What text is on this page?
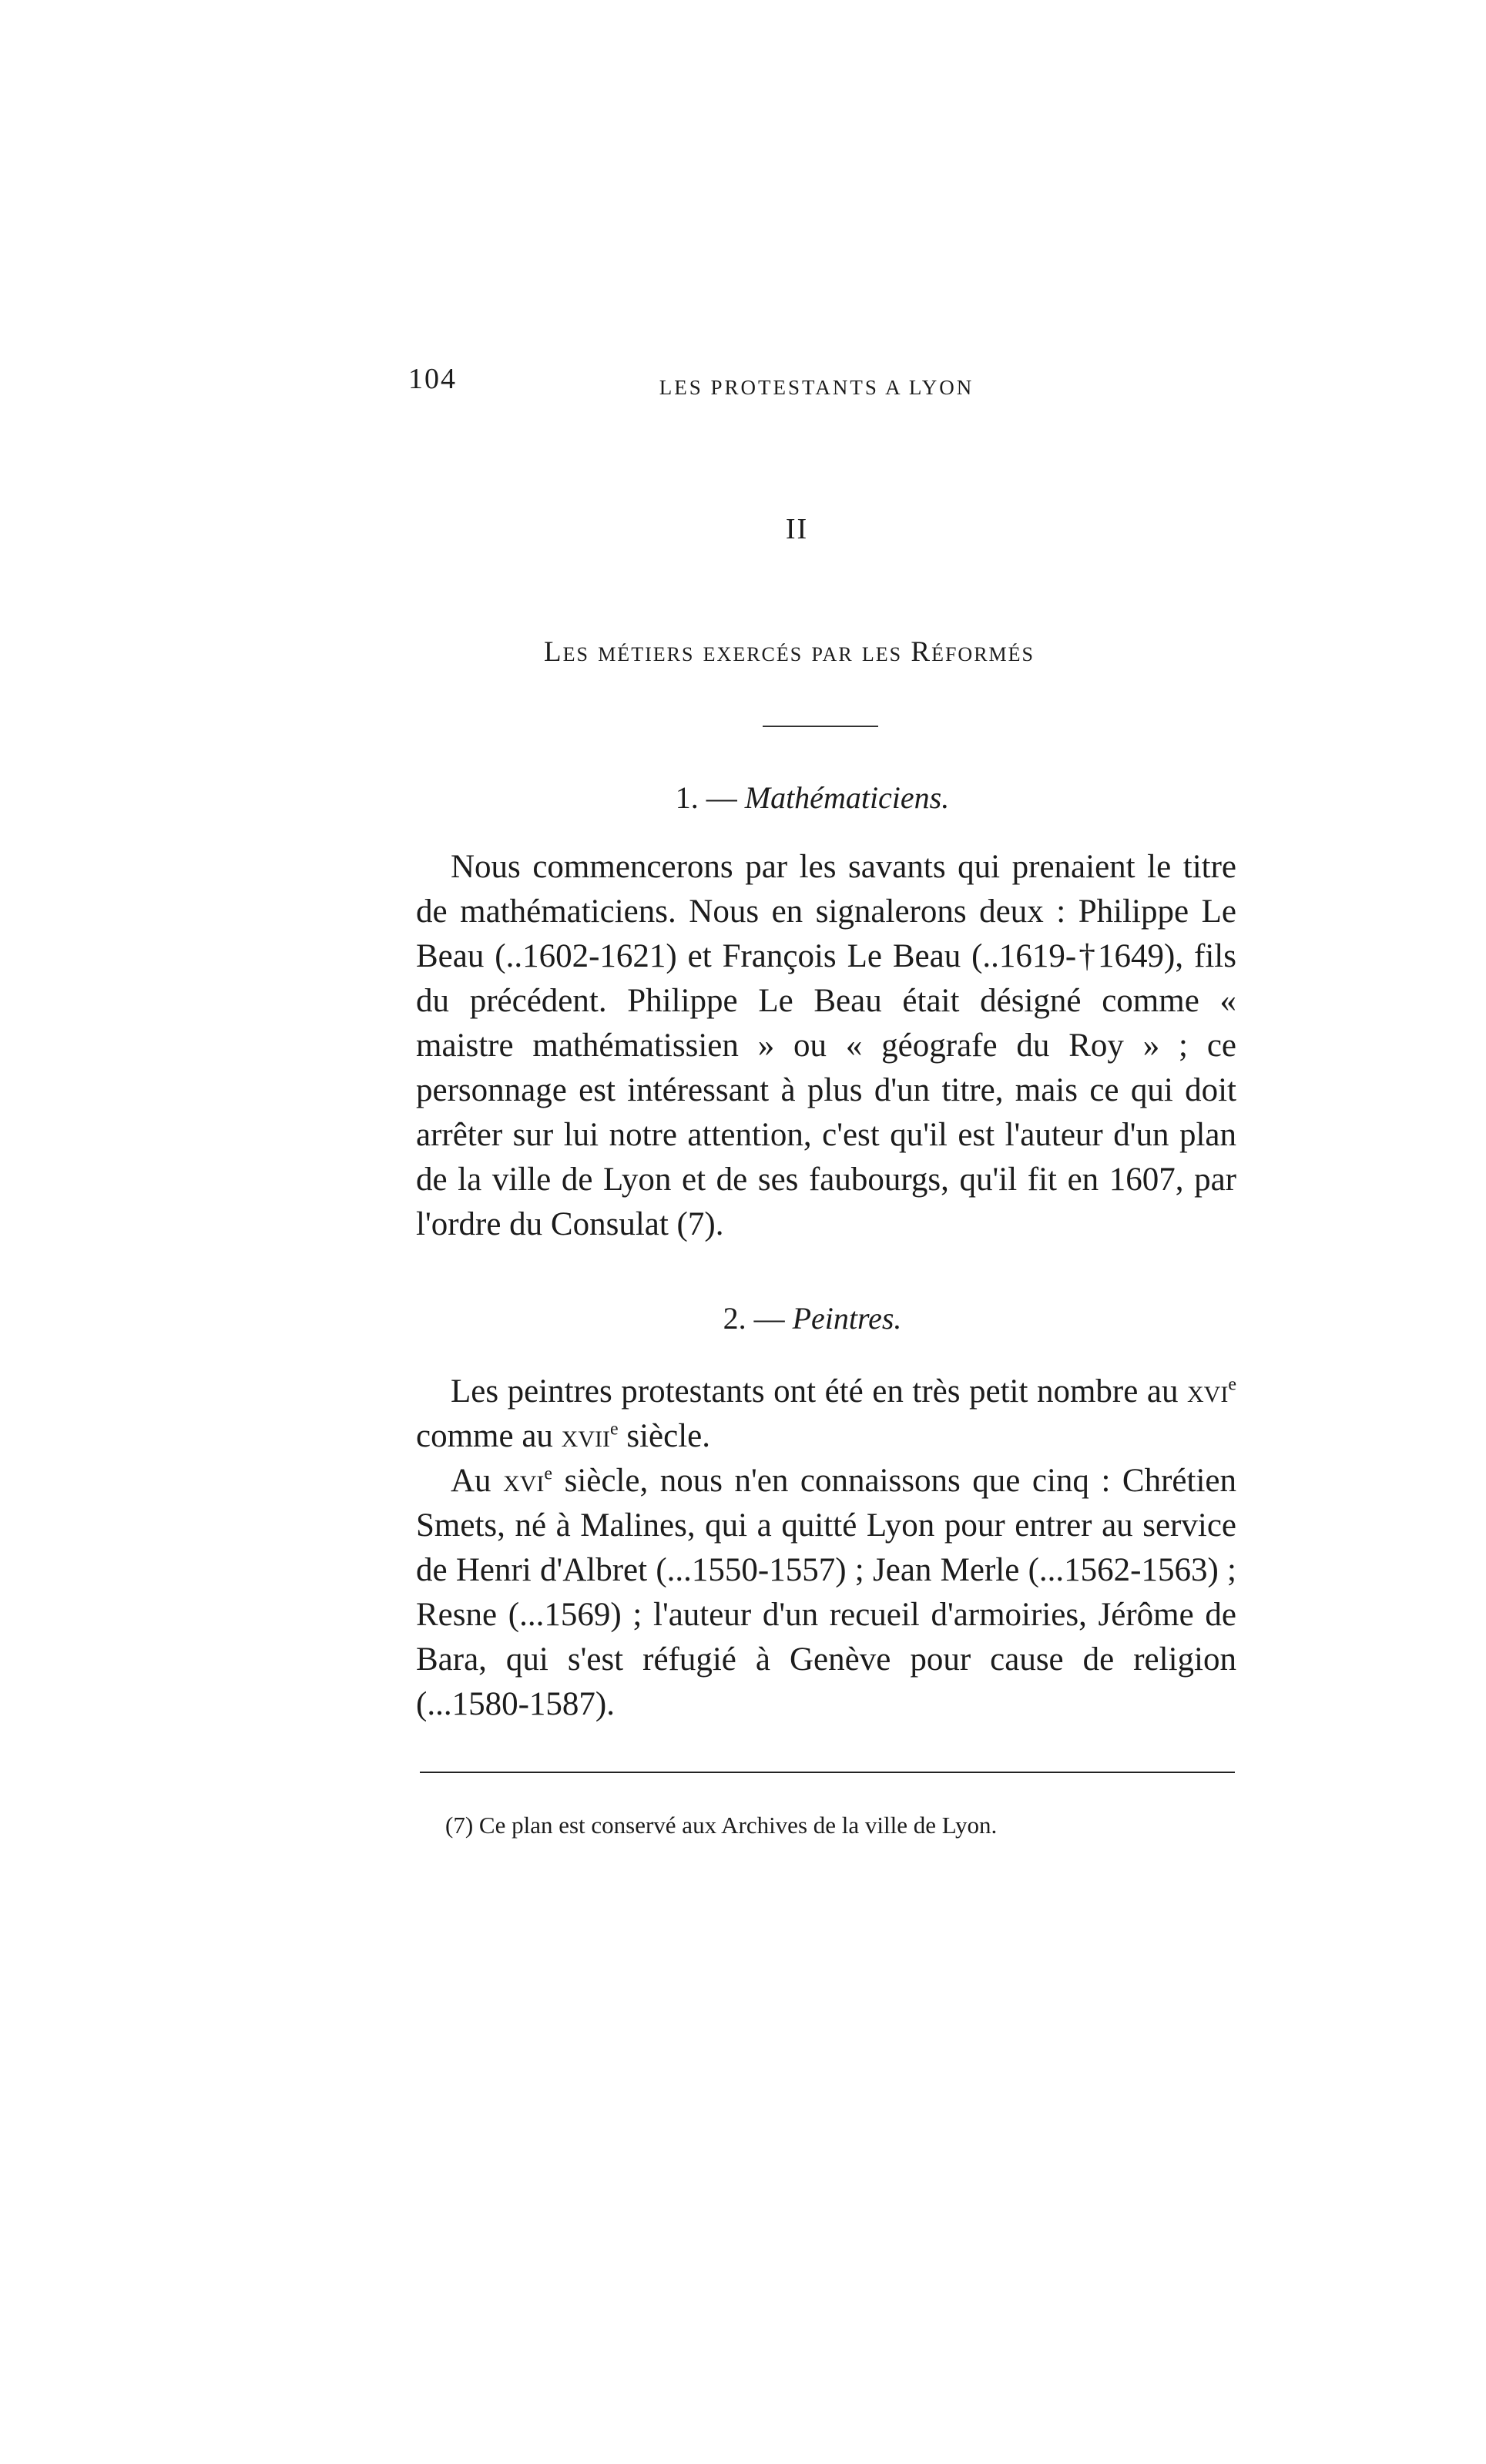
104	LES PROTESTANTS A LYON
II
Les métiers exercés par les Réformés
1. — Mathématiciens.

Nous commencerons par les savants qui prenaient le titre de mathématiciens. Nous en signalerons deux : Philippe Le Beau (..1602-1621) et François Le Beau (..1619-†1649), fils du précédent. Philippe Le Beau était désigné comme « maistre mathématissien » ou « géografe du Roy » ; ce personnage est intéressant à plus d'un titre, mais ce qui doit arrêter sur lui notre attention, c'est qu'il est l'auteur d'un plan de la ville de Lyon et de ses faubourgs, qu'il fit en 1607, par l'ordre du Consulat (7).

2. — Peintres.

Les peintres protestants ont été en très petit nombre au xvi$^e$ comme au xvii$^e$ siècle.

Au xvi$^e$ siècle, nous n'en connaissons que cinq : Chrétien Smets, né à Malines, qui a quitté Lyon pour entrer au service de Henri d'Albret (...1550-1557) ; Jean Merle (...1562-1563) ; Resne (...1569) ; l'auteur d'un recueil d'armoiries, Jérôme de Bara, qui s'est réfugié à Genève pour cause de religion (...1580-1587).

(7) Ce plan est conservé aux Archives de la ville de Lyon.
